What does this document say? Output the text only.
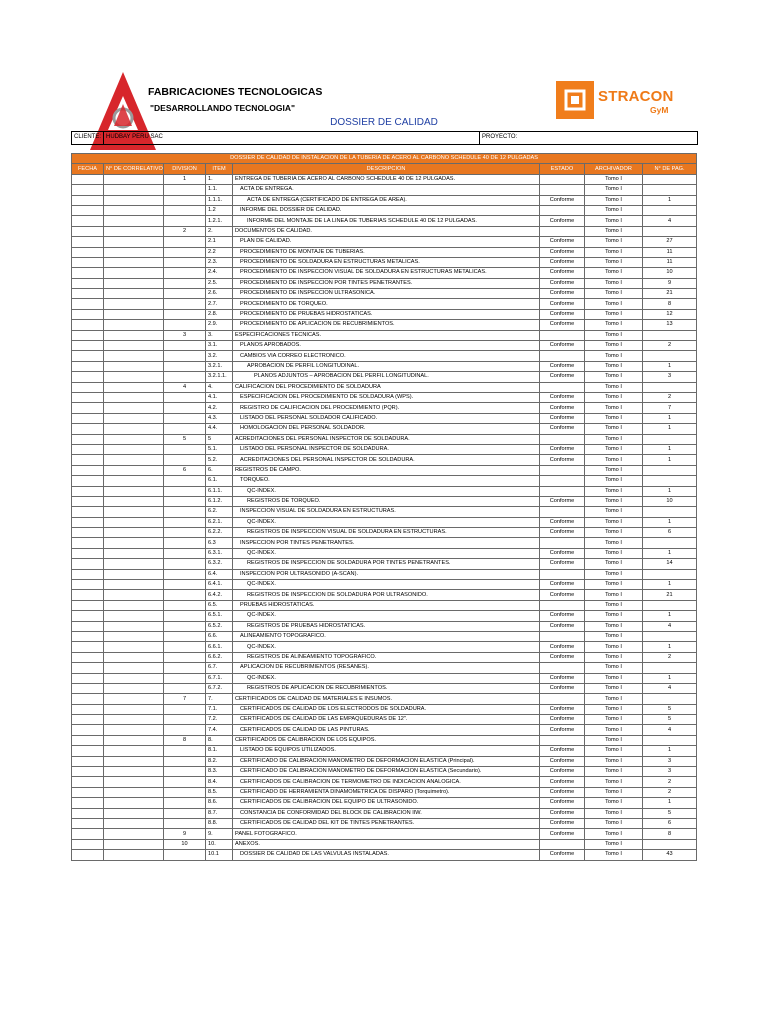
FABRICACIONES TECNOLOGICAS
"DESARROLLANDO TECNOLOGIA"
STRACON
GyM
DOSSIER DE CALIDAD
CLIENTE: HUDBAY PERU SAC	PROYECTO:
DOSSIER DE CALIDAD DE INSTALACION DE LA TUBERIA DE ACERO AL CARBONO SCHEDULE 40 DE 12 PULGADAS							
FECHA	N° DE CORRELATIVO	DIVISION	ITEM	DESCRIPCION	ESTADO	ARCHIVADOR	N° DE PAG.
		1	1.	ENTREGA DE TUBERIA DE ACERO AL CARBONO SCHEDULE 40 DE 12 PULGADAS.		Tomo I	
			1.1.	ACTA DE ENTREGA.		Tomo I	
			1.1.1.	ACTA DE ENTREGA (CERTIFICADO DE ENTREGA DE AREA).	Conforme	Tomo I	1
			1.2	INFORME DEL DOSSIER DE CALIDAD.		Tomo I	
			1.2.1.	INFORME DEL MONTAJE DE LA LINEA DE TUBERIAS SCHEDULE 40 DE 12 PULGADAS.	Conforme	Tomo I	4
		2	2.	DOCUMENTOS DE CALIDAD.		Tomo I	
			2.1	PLAN DE CALIDAD.	Conforme	Tomo I	27
			2.2	PROCEDIMIENTO DE MONTAJE DE TUBERIAS.	Conforme	Tomo I	11
			2.3.	PROCEDIMIENTO DE SOLDADURA EN ESTRUCTURAS METALICAS.	Conforme	Tomo I	11
			2.4.	PROCEDIMIENTO DE INSPECCION VISUAL DE SOLDADURA EN ESTRUCTURAS METALICAS.	Conforme	Tomo I	10
			2.5.	PROCEDIMIENTO DE INSPECCION POR TINTES PENETRANTES.	Conforme	Tomo I	9
			2.6.	PROCEDIMIENTO DE INSPECCION ULTRASONICA.	Conforme	Tomo I	21
			2.7.	PROCEDIMIENTO DE TORQUEO.	Conforme	Tomo I	8
			2.8.	PROCEDIMIENTO DE PRUEBAS HIDROSTATICAS.	Conforme	Tomo I	12
			2.9.	PROCEDIMIENTO DE APLICACION DE RECUBRIMIENTOS.	Conforme	Tomo I	13
		3	3.	ESPECIFICACIONES TECNICAS.		Tomo I	
			3.1.	PLANOS APROBADOS.	Conforme	Tomo I	2
			3.2.	CAMBIOS VIA CORREO ELECTRONICO.		Tomo I	
			3.2.1.	APROBACION DE PERFIL LONGITUDINAL.	Conforme	Tomo I	1
			3.2.1.1.	PLANOS ADJUNTOS – APROBACION DEL PERFIL LONGITUDINAL.	Conforme	Tomo I	3
		4	4.	CALIFICACION DEL PROCEDIMIENTO DE SOLDADURA		Tomo I	
			4.1.	ESPECIFICACION DEL PROCEDIMIENTO DE SOLDADURA (WPS).	Conforme	Tomo I	2
			4.2.	REGISTRO DE CALIFICACION DEL PROCEDIMIENTO (PQR).	Conforme	Tomo I	7
			4.3.	LISTADO DEL PERSONAL SOLDADOR CALIFICADO.	Conforme	Tomo I	1
			4.4.	HOMOLOGACION DEL PERSONAL SOLDADOR.	Conforme	Tomo I	1
		5	5	ACREDITACIONES DEL PERSONAL INSPECTOR DE SOLDADURA.		Tomo I	
			5.1.	LISTADO DEL PERSONAL INSPECTOR DE SOLDADURA.	Conforme	Tomo I	1
			5.2.	ACREDITACIONES DEL PERSONAL INSPECTOR DE SOLDADURA.	Conforme	Tomo I	1
		6	6.	REGISTROS DE CAMPO.		Tomo I	
			6.1.	TORQUEO.		Tomo I	
			6.1.1.	QC-INDEX.		Tomo I	1
			6.1.2.	REGISTROS DE TORQUEO.	Conforme	Tomo I	10
			6.2.	INSPECCION VISUAL DE SOLDADURA EN ESTRUCTURAS.		Tomo I	
			6.2.1.	QC-INDEX.	Conforme	Tomo I	1
			6.2.2.	REGISTROS DE INSPECCION VISUAL DE SOLDADURA EN ESTRUCTURAS.	Conforme	Tomo I	6
			6.3	INSPECCION POR TINTES PENETRANTES.		Tomo I	
			6.3.1.	QC-INDEX.	Conforme	Tomo I	1
			6.3.2.	REGISTROS DE INSPECCION DE SOLDADURA POR TINTES PENETRANTES.	Conforme	Tomo I	14
			6.4.	INSPECCION POR ULTRASONIDO (A-SCAN).		Tomo I	
			6.4.1.	QC-INDEX.	Conforme	Tomo I	1
			6.4.2.	REGISTROS DE INSPECCION DE SOLDADURA POR ULTRASONIDO.	Conforme	Tomo I	21
			6.5.	PRUEBAS HIDROSTATICAS.		Tomo I	
			6.5.1.	QC-INDEX.	Conforme	Tomo I	1
			6.5.2.	REGISTROS DE PRUEBAS HIDROSTATICAS.	Conforme	Tomo I	4
			6.6.	ALINEAMIENTO TOPOGRAFICO.		Tomo I	
			6.6.1.	QC-INDEX.	Conforme	Tomo I	1
			6.6.2.	REGISTROS DE ALINEAMIENTO TOPOGRAFICO.	Conforme	Tomo I	2
			6.7.	APLICACION DE RECUBRIMIENTOS (RESANES).		Tomo I	
			6.7.1.	QC-INDEX.	Conforme	Tomo I	1
			6.7.2.	REGISTROS DE APLICACION DE RECUBRIMIENTOS.	Conforme	Tomo I	4
		7	7.	CERTIFICADOS DE CALIDAD DE MATERIALES E INSUMOS.		Tomo I	
			7.1.	CERTIFICADOS DE CALIDAD DE LOS ELECTRODOS DE SOLDADURA.	Conforme	Tomo I	5
			7.2.	CERTIFICADOS DE CALIDAD DE LAS EMPAQUEDURAS DE 12".	Conforme	Tomo I	5
			7.4.	CERTIFICADOS DE CALIDAD DE LAS PINTURAS.	Conforme	Tomo I	4
		8	8.	CERTIFICADOS DE CALIBRACION DE LOS EQUIPOS.		Tomo I	
			8.1.	LISTADO DE EQUIPOS UTILIZADOS.	Conforme	Tomo I	1
			8.2.	CERTIFICADO DE CALIBRACION MANOMETRO DE DEFORMACION ELASTICA (Principal).	Conforme	Tomo I	3
			8.3.	CERTIFICADO DE CALIBRACION MANOMETRO DE DEFORMACION ELASTICA (Secundario).	Conforme	Tomo I	3
			8.4.	CERTIFICADOS DE CALIBRACION DE TERMOMETRO DE INDICACION ANALOGICA.	Conforme	Tomo I	2
			8.5.	CERTIFICADO DE HERRAMIENTA DINAMOMETRICA DE DISPARO (Torquimetro).	Conforme	Tomo I	2
			8.6.	CERTIFICADOS DE CALIBRACION DEL EQUIPO DE ULTRASONIDO.	Conforme	Tomo I	1
			8.7.	CONSTANCIA DE CONFORMIDAD DEL BLOCK DE CALIBRACION IIW.	Conforme	Tomo I	5
			8.8.	CERTIFICADOS DE CALIDAD DEL KIT DE TINTES PENETRANTES.	Conforme	Tomo I	6
		9	9.	PANEL FOTOGRAFICO.	Conforme	Tomo I	8
		10	10.	ANEXOS.		Tomo I	
			10.1	DOSSIER DE CALIDAD DE LAS VALVULAS INSTALADAS.	Conforme	Tomo I	43
